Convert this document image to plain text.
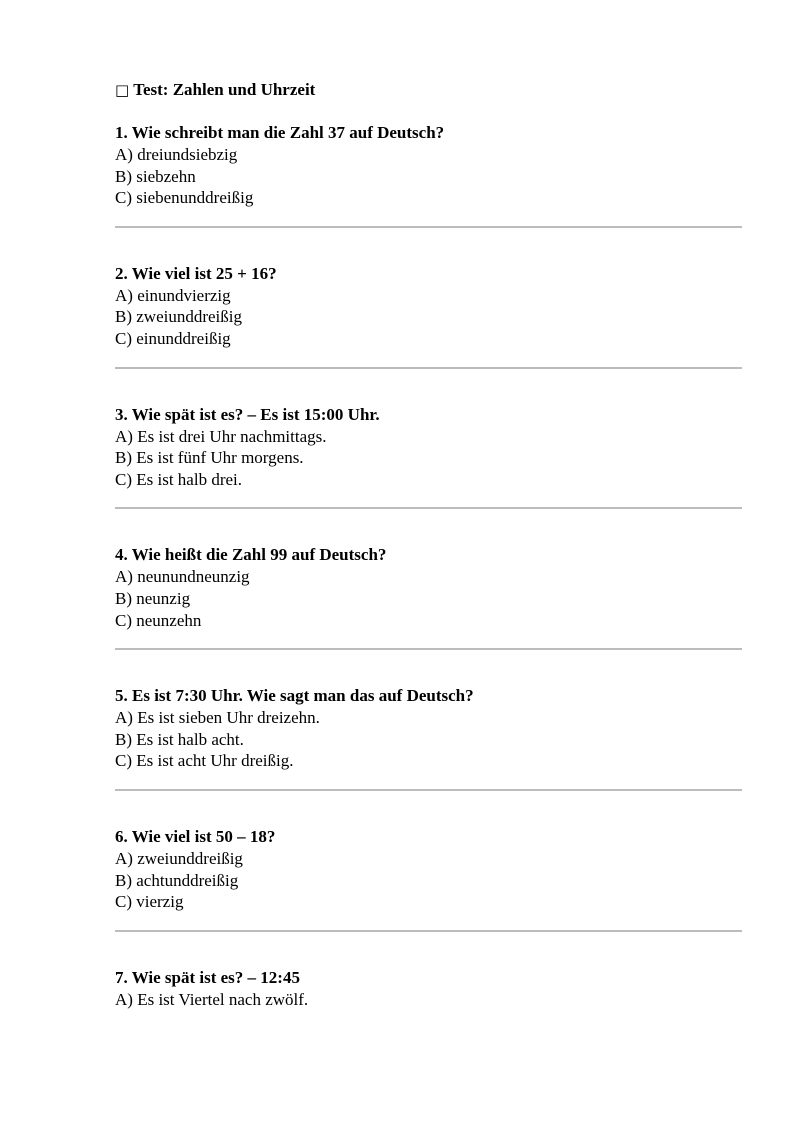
□ Test: Zahlen und Uhrzeit

1. Wie schreibt man die Zahl 37 auf Deutsch?

A) dreiundsiebzig

B) siebzehn

C) siebenunddreißig

2. Wie viel ist 25 + 16?

A) einundvierzig

B) zweiunddreißig

C) einunddreißig

3. Wie spät ist es? – Es ist 15:00 Uhr.

A) Es ist drei Uhr nachmittags.

B) Es ist fünf Uhr morgens.

C) Es ist halb drei.

4. Wie heißt die Zahl 99 auf Deutsch?

A) neunundneunzig

B) neunzig

C) neunzehn

5. Es ist 7:30 Uhr. Wie sagt man das auf Deutsch?

A) Es ist sieben Uhr dreizehn.

B) Es ist halb acht.

C) Es ist acht Uhr dreißig.

6. Wie viel ist 50 – 18?

A) zweiunddreißig

B) achtunddreißig

C) vierzig

7. Wie spät ist es? – 12:45

A) Es ist Viertel nach zwölf.
